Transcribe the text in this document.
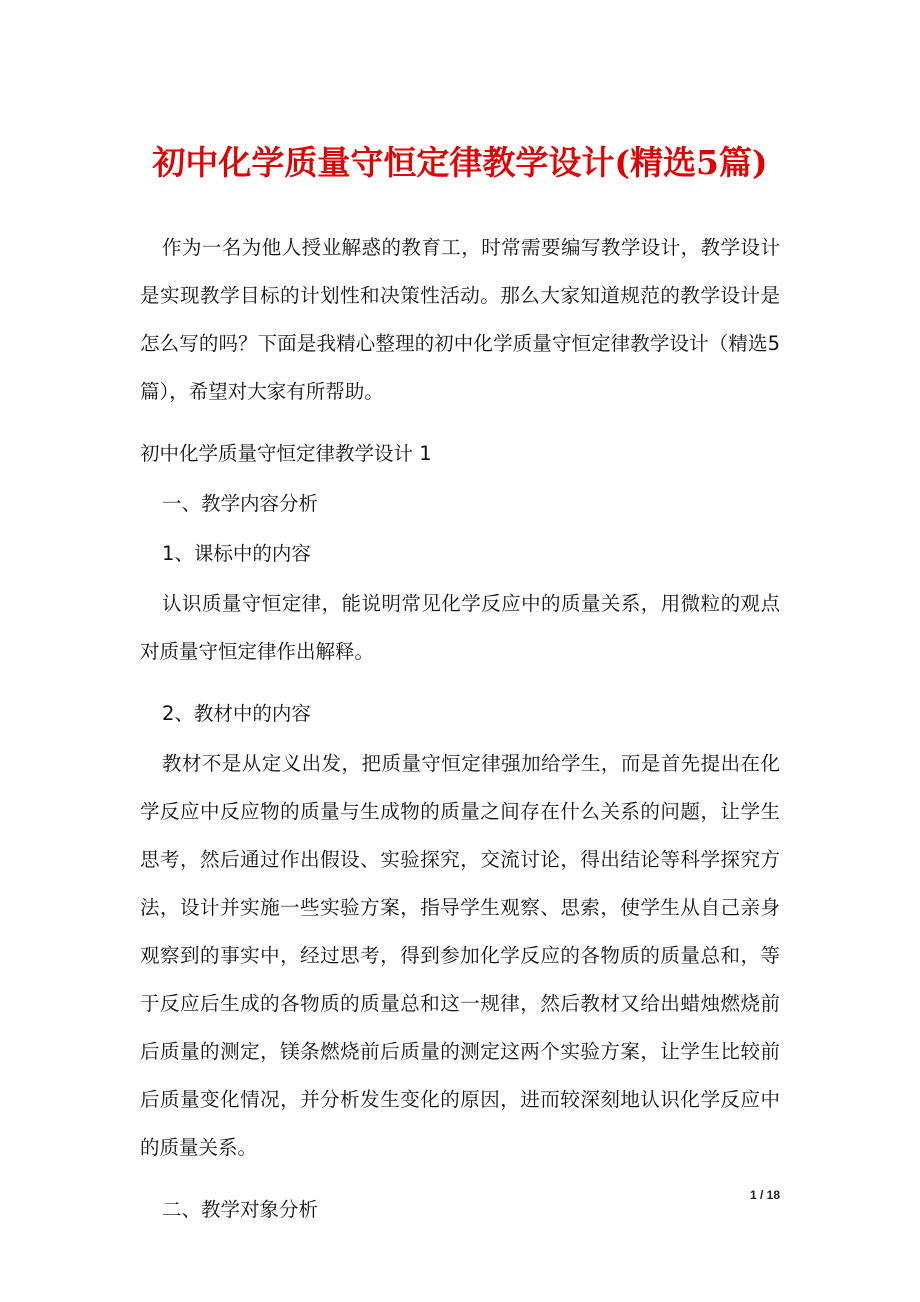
初中化学质量守恒定律教学设计(精选5篇)

作为一名为他人授业解惑的教育工，时常需要编写教学设计，教学设计是实现教学目标的计划性和决策性活动。那么大家知道规范的教学设计是怎么写的吗？下面是我精心整理的初中化学质量守恒定律教学设计（精选5篇），希望对大家有所帮助。

初中化学质量守恒定律教学设计 1

一、教学内容分析

1、课标中的内容

认识质量守恒定律，能说明常见化学反应中的质量关系，用微粒的观点对质量守恒定律作出解释。

2、教材中的内容

教材不是从定义出发，把质量守恒定律强加给学生，而是首先提出在化学反应中反应物的质量与生成物的质量之间存在什么关系的问题，让学生思考，然后通过作出假设、实验探究，交流讨论，得出结论等科学探究方法，设计并实施一些实验方案，指导学生观察、思索，使学生从自己亲身观察到的事实中，经过思考，得到参加化学反应的各物质的质量总和，等于反应后生成的各物质的质量总和这一规律，然后教材又给出蜡烛燃烧前后质量的测定，镁条燃烧前后质量的测定这两个实验方案，让学生比较前后质量变化情况，并分析发生变化的原因，进而较深刻地认识化学反应中的质量关系。

二、教学对象分析

1 / 18
